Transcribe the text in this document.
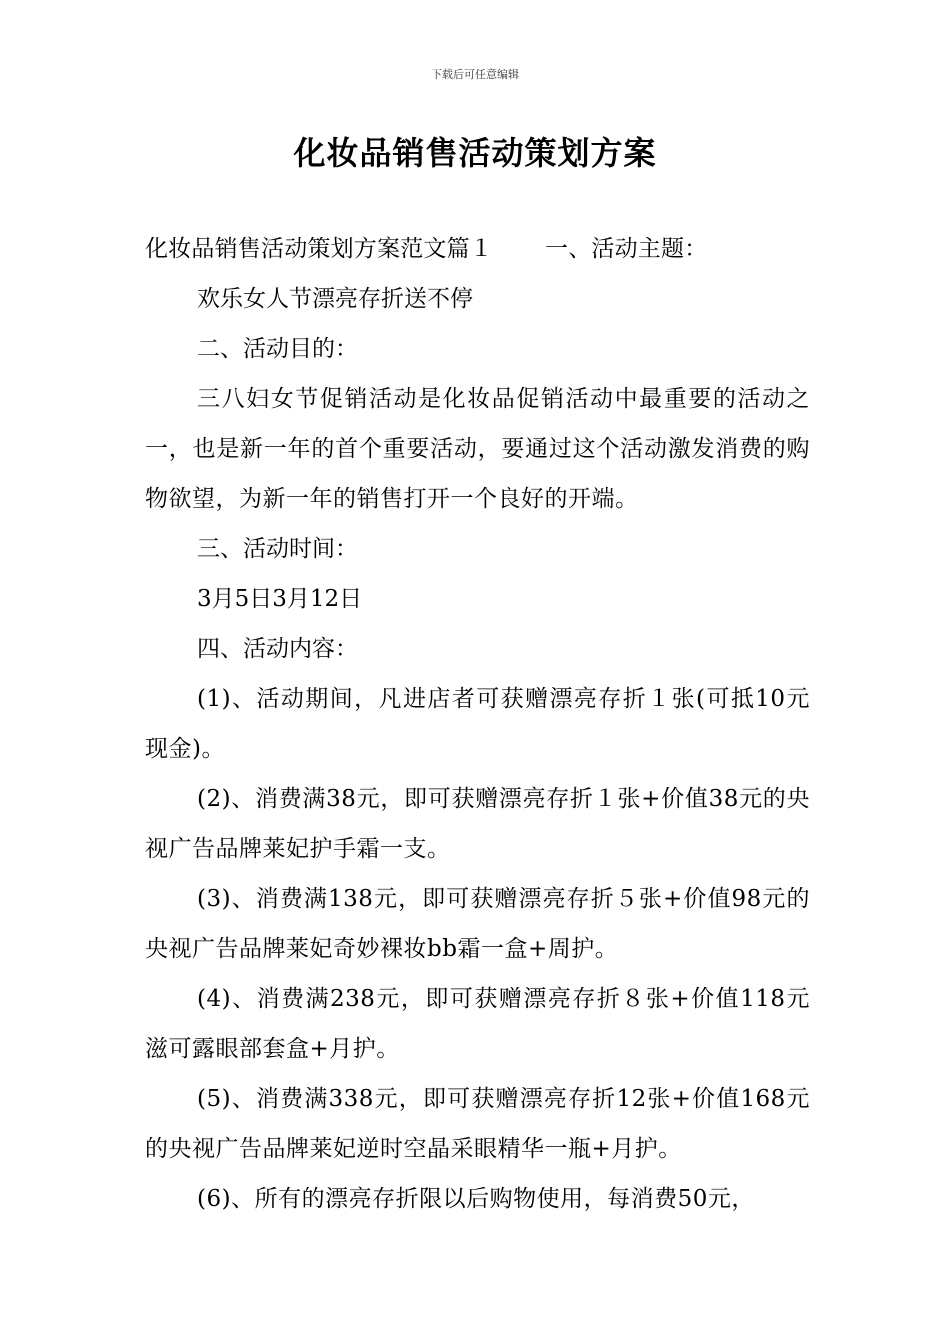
下载后可任意编辑
化妆品销售活动策划方案

化妆品销售活动策划方案范文篇１ 一、活动主题：

欢乐女人节漂亮存折送不停

二、活动目的：

三八妇女节促销活动是化妆品促销活动中最重要的活动之一，也是新一年的首个重要活动，要通过这个活动激发消费的购物欲望，为新一年的销售打开一个良好的开端。

三、活动时间：

3月5日3月12日

四、活动内容：

(1)、活动期间，凡进店者可获赠漂亮存折１张(可抵10元现金)。

(2)、消费满38元，即可获赠漂亮存折１张+价值38元的央视广告品牌莱妃护手霜一支。

(3)、消费满138元，即可获赠漂亮存折５张+价值98元的央视广告品牌莱妃奇妙裸妆bb霜一盒+周护。

(4)、消费满238元，即可获赠漂亮存折８张+价值118元滋可露眼部套盒+月护。

(5)、消费满338元，即可获赠漂亮存折12张+价值168元的央视广告品牌莱妃逆时空晶采眼精华一瓶+月护。

(6)、所有的漂亮存折限以后购物使用，每消费50元，
